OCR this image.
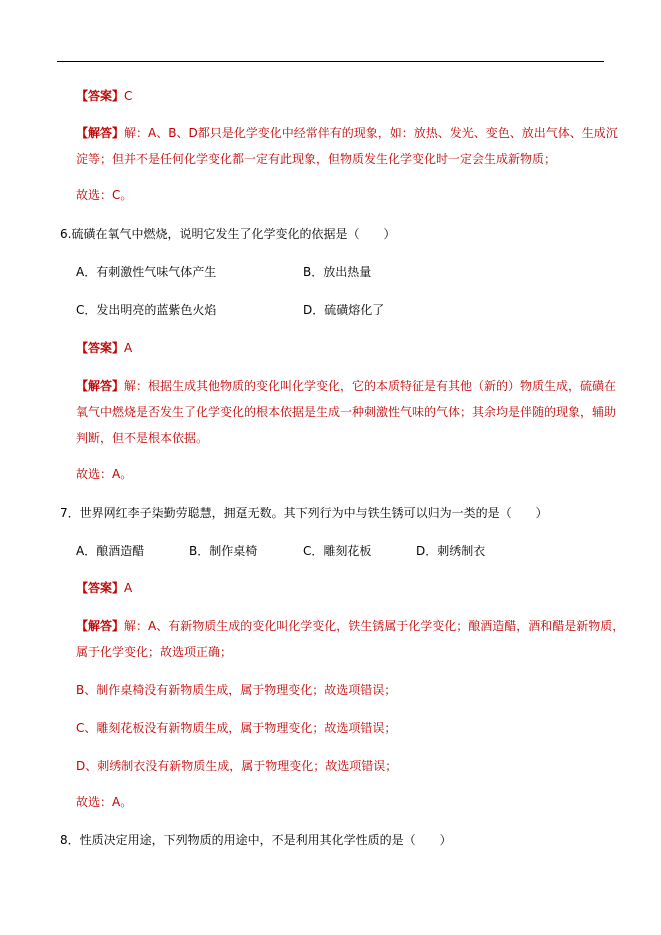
【答案】C
【解答】解：A、B、D都只是化学变化中经常伴有的现象，如：放热、发光、变色、放出气体、生成沉
淀等；但并不是任何化学变化都一定有此现象，但物质发生化学变化时一定会生成新物质；
故选：C。
6.硫磺在氧气中燃烧，说明它发生了化学变化的依据是（　　）
A．有刺激性气味气体产生	B．放出热量
C．发出明亮的蓝紫色火焰	D．硫磺熔化了
【答案】A
【解答】解：根据生成其他物质的变化叫化学变化，它的本质特征是有其他（新的）物质生成，硫磺在
氧气中燃烧是否发生了化学变化的根本依据是生成一种刺激性气味的气体；其余均是伴随的现象，辅助
判断，但不是根本依据。
故选：A。
7．世界网红李子柒勤劳聪慧，拥趸无数。其下列行为中与铁生锈可以归为一类的是（　　）
A．酿酒造醋	B．制作桌椅	C．雕刻花板	D．刺绣制衣
【答案】A
【解答】解：A、有新物质生成的变化叫化学变化，铁生锈属于化学变化；酿酒造醋，酒和醋是新物质，
属于化学变化；故选项正确；
B、制作桌椅没有新物质生成，属于物理变化；故选项错误；
C、雕刻花板没有新物质生成，属于物理变化；故选项错误；
D、刺绣制衣没有新物质生成，属于物理变化；故选项错误；
故选：A。
8．性质决定用途，下列物质的用途中，不是利用其化学性质的是（　　）
